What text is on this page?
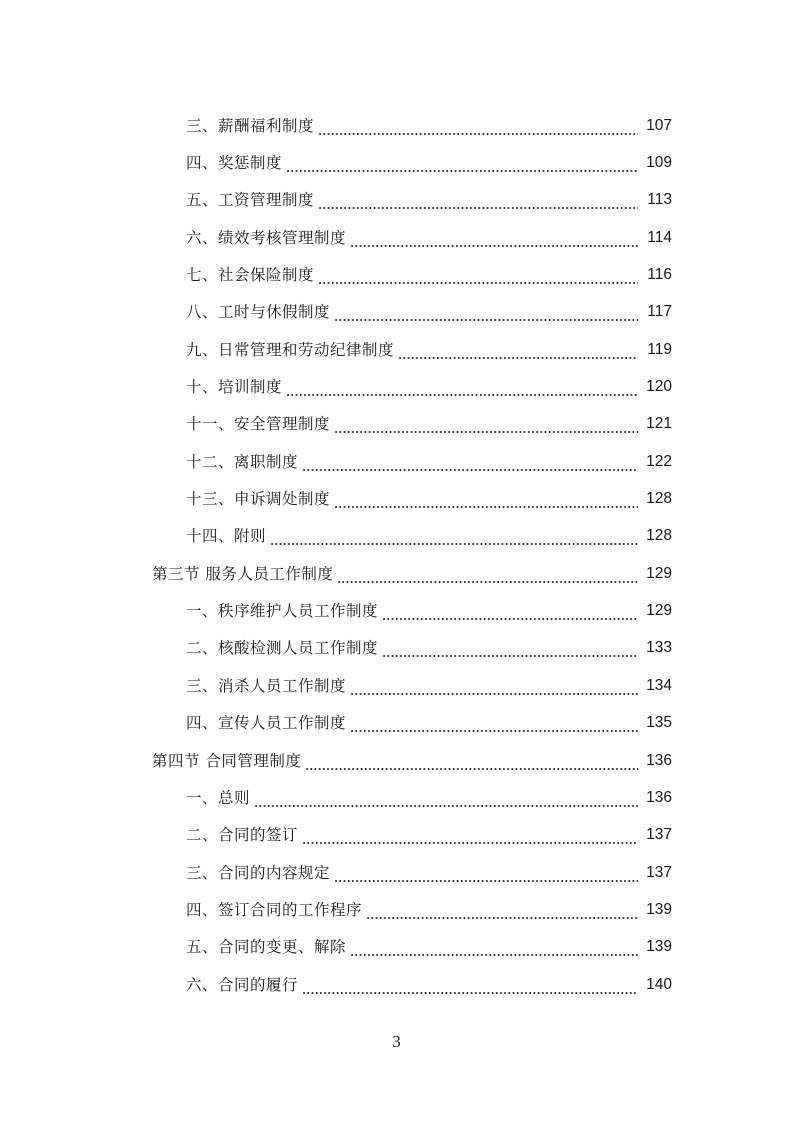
三、薪酬福利制度	107
四、奖惩制度	109
五、工资管理制度	113
六、绩效考核管理制度	114
七、社会保险制度	116
八、工时与休假制度	117
九、日常管理和劳动纪律制度	119
十、培训制度	120
十一、安全管理制度	121
十二、离职制度	122
十三、申诉调处制度	128
十四、附则	128
第三节 服务人员工作制度	129
一、秩序维护人员工作制度	129
二、核酸检测人员工作制度	133
三、消杀人员工作制度	134
四、宣传人员工作制度	135
第四节 合同管理制度	136
一、总则	136
二、合同的签订	137
三、合同的内容规定	137
四、签订合同的工作程序	139
五、合同的变更、解除	139
六、合同的履行	140
3
